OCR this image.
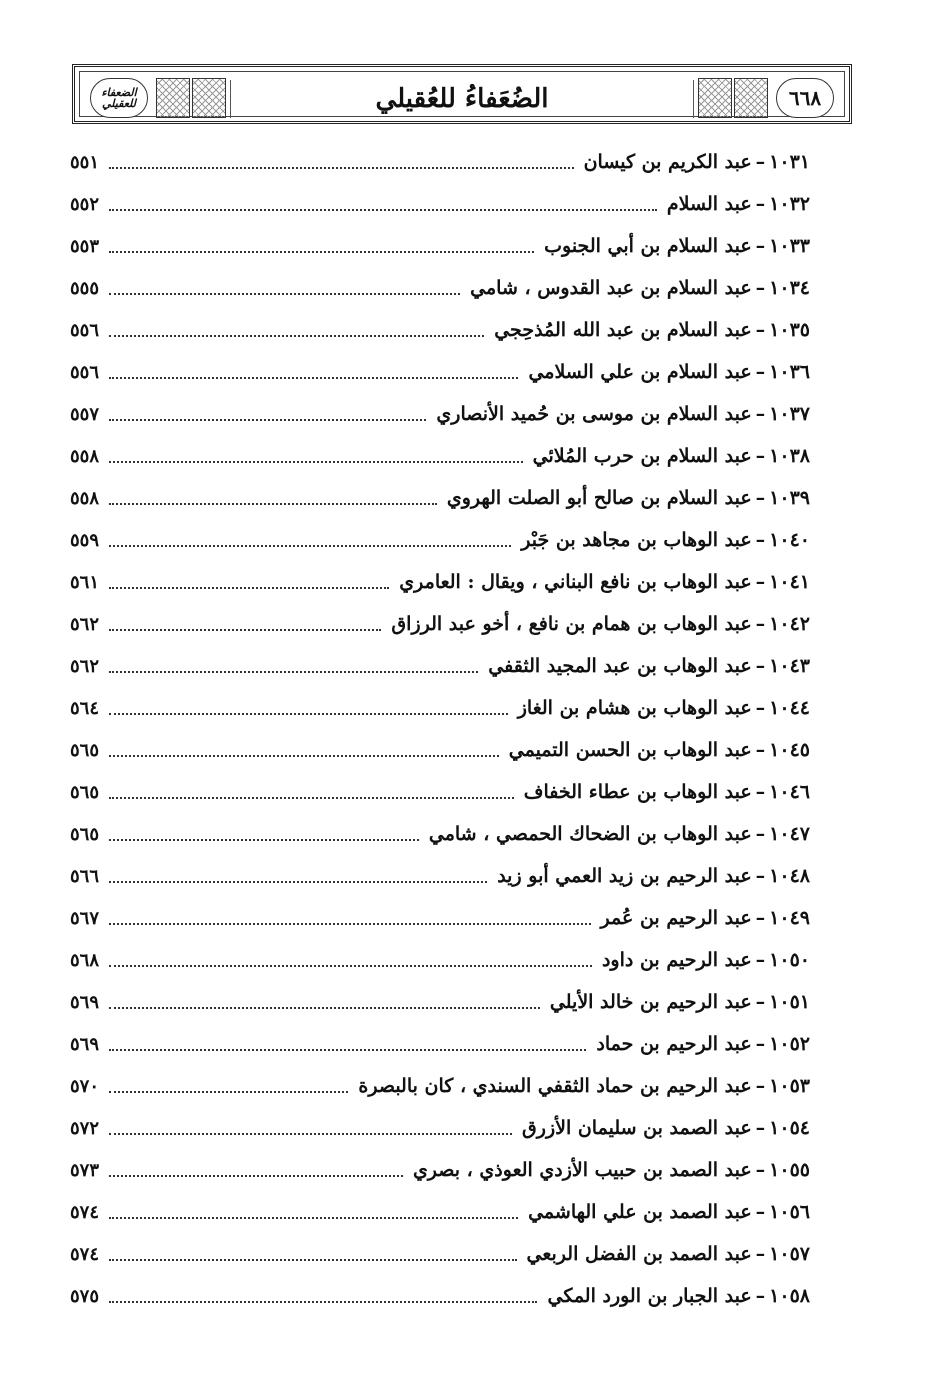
٦٦٨
الضُعَفاءُ للعُقيلي
الضعفاء للعقيلي
١٠٣١
–
عبد الكريم بن كيسان
٥٥١
١٠٣٢
–
عبد السلام
٥٥٢
١٠٣٣
–
عبد السلام بن أبي الجنوب
٥٥٣
١٠٣٤
–
عبد السلام بن عبد القدوس ، شامي
٥٥٥
١٠٣٥
–
عبد السلام بن عبد الله المُذحِجي
٥٥٦
١٠٣٦
–
عبد السلام بن علي السلامي
٥٥٦
١٠٣٧
–
عبد السلام بن موسى بن حُميد الأنصاري
٥٥٧
١٠٣٨
–
عبد السلام بن حرب المُلائي
٥٥٨
١٠٣٩
–
عبد السلام بن صالح أبو الصلت الهروي
٥٥٨
١٠٤٠
–
عبد الوهاب بن مجاهد بن جَبْر
٥٥٩
١٠٤١
–
عبد الوهاب بن نافع البناني ، ويقال : العامري
٥٦١
١٠٤٢
–
عبد الوهاب بن همام بن نافع ، أخو عبد الرزاق
٥٦٢
١٠٤٣
–
عبد الوهاب بن عبد المجيد الثقفي
٥٦٢
١٠٤٤
–
عبد الوهاب بن هشام بن الغاز
٥٦٤
١٠٤٥
–
عبد الوهاب بن الحسن التميمي
٥٦٥
١٠٤٦
–
عبد الوهاب بن عطاء الخفاف
٥٦٥
١٠٤٧
–
عبد الوهاب بن الضحاك الحمصي ، شامي
٥٦٥
١٠٤٨
–
عبد الرحيم بن زيد العمي أبو زيد
٥٦٦
١٠٤٩
–
عبد الرحيم بن عُمر
٥٦٧
١٠٥٠
–
عبد الرحيم بن داود
٥٦٨
١٠٥١
–
عبد الرحيم بن خالد الأيلي
٥٦٩
١٠٥٢
–
عبد الرحيم بن حماد
٥٦٩
١٠٥٣
–
عبد الرحيم بن حماد الثقفي السندي ، كان بالبصرة
٥٧٠
١٠٥٤
–
عبد الصمد بن سليمان الأزرق
٥٧٢
١٠٥٥
–
عبد الصمد بن حبيب الأزدي العوذي ، بصري
٥٧٣
١٠٥٦
–
عبد الصمد بن علي الهاشمي
٥٧٤
١٠٥٧
–
عبد الصمد بن الفضل الربعي
٥٧٤
١٠٥٨
–
عبد الجبار بن الورد المكي
٥٧٥
